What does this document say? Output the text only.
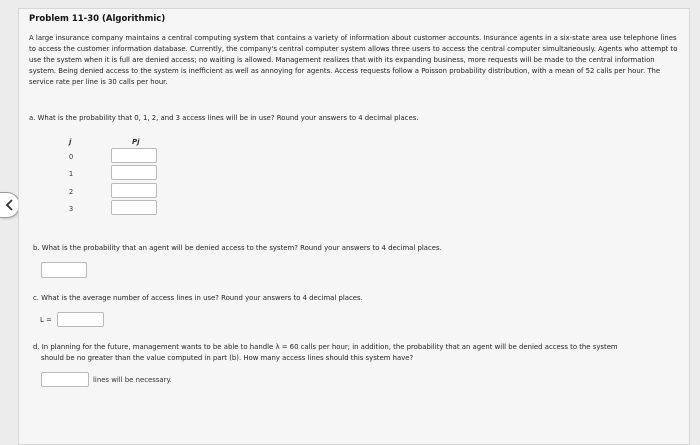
Problem 11-30 (Algorithmic)
A large insurance company maintains a central computing system that contains a variety of information about customer accounts. Insurance agents in a six-state area use telephone lines to access the customer information database. Currently, the company's central computer system allows three users to access the central computer simultaneously. Agents who attempt to use the system when it is full are denied access; no waiting is allowed. Management realizes that with its expanding business, more requests will be made to the central information system. Being denied access to the system is inefficient as well as annoying for agents. Access requests follow a Poisson probability distribution, with a mean of 52 calls per hour. The service rate per line is 30 calls per hour.
a. What is the probability that 0, 1, 2, and 3 access lines will be in use? Round your answers to 4 decimal places.
j	Pj
0
1
2
3
b. What is the probability that an agent will be denied access to the system? Round your answers to 4 decimal places.
c. What is the average number of access lines in use? Round your answers to 4 decimal places.
L =
d. In planning for the future, management wants to be able to handle λ = 60 calls per hour; in addition, the probability that an agent will be denied access to the system
should be no greater than the value computed in part (b). How many access lines should this system have?
lines will be necessary.
